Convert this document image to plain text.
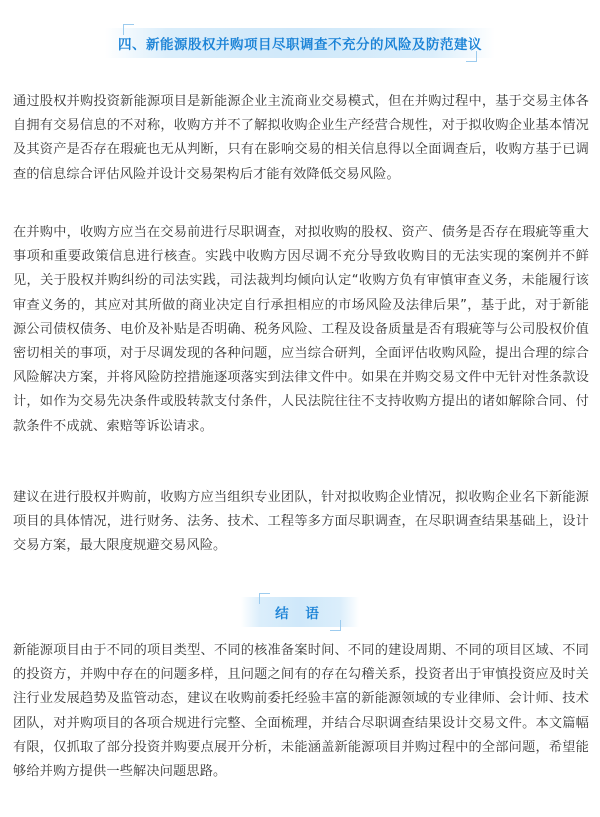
四、新能源股权并购项目尽职调查不充分的风险及防范建议

通过股权并购投资新能源项目是新能源企业主流商业交易模式，但在并购过程中，基于交易主体各自拥有交易信息的不对称，收购方并不了解拟收购企业生产经营合规性，对于拟收购企业基本情况及其资产是否存在瑕疵也无从判断，只有在影响交易的相关信息得以全面调查后，收购方基于已调查的信息综合评估风险并设计交易架构后才能有效降低交易风险。

在并购中，收购方应当在交易前进行尽职调查，对拟收购的股权、资产、债务是否存在瑕疵等重大事项和重要政策信息进行核查。实践中收购方因尽调不充分导致收购目的无法实现的案例并不鲜见，关于股权并购纠纷的司法实践，司法裁判均倾向认定“收购方负有审慎审查义务，未能履行该审查义务的，其应对其所做的商业决定自行承担相应的市场风险及法律后果”，基于此，对于新能源公司债权债务、电价及补贴是否明确、税务风险、工程及设备质量是否有瑕疵等与公司股权价值密切相关的事项，对于尽调发现的各种问题，应当综合研判，全面评估收购风险，提出合理的综合风险解决方案，并将风险防控措施逐项落实到法律文件中。如果在并购交易文件中无针对性条款设计，如作为交易先决条件或股转款支付条件，人民法院往往不支持收购方提出的诸如解除合同、付款条件不成就、索赔等诉讼请求。

建议在进行股权并购前，收购方应当组织专业团队，针对拟收购企业情况，拟收购企业名下新能源项目的具体情况，进行财务、法务、技术、工程等多方面尽职调查，在尽职调查结果基础上，设计交易方案，最大限度规避交易风险。

结 语

新能源项目由于不同的项目类型、不同的核准备案时间、不同的建设周期、不同的项目区域、不同的投资方，并购中存在的问题多样，且问题之间有的存在勾稽关系，投资者出于审慎投资应及时关注行业发展趋势及监管动态，建议在收购前委托经验丰富的新能源领域的专业律师、会计师、技术团队，对并购项目的各项合规进行完整、全面梳理，并结合尽职调查结果设计交易文件。本文篇幅有限，仅抓取了部分投资并购要点展开分析，未能涵盖新能源项目并购过程中的全部问题，希望能够给并购方提供一些解决问题思路。
